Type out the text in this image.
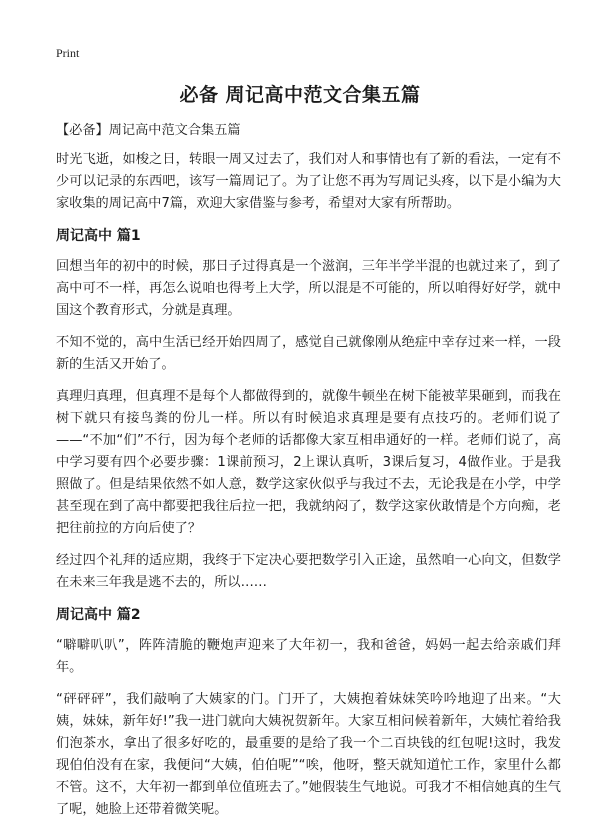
Print
必备 周记高中范文合集五篇

【必备】周记高中范文合集五篇

时光飞逝，如梭之日，转眼一周又过去了，我们对人和事情也有了新的看法，一定有不少可以记录的东西吧，该写一篇周记了。为了让您不再为写周记头疼，以下是小编为大家收集的周记高中7篇，欢迎大家借鉴与参考，希望对大家有所帮助。

周记高中 篇1

回想当年的初中的时候，那日子过得真是一个滋润，三年半学半混的也就过来了，到了高中可不一样，再怎么说咱也得考上大学，所以混是不可能的，所以咱得好好学，就中国这个教育形式，分就是真理。

不知不觉的，高中生活已经开始四周了，感觉自己就像刚从绝症中幸存过来一样，一段新的生活又开始了。

真理归真理，但真理不是每个人都做得到的，就像牛顿坐在树下能被苹果砸到，而我在树下就只有接鸟粪的份儿一样。所以有时候追求真理是要有点技巧的。老师们说了——“不加“们”不行，因为每个老师的话都像大家互相串通好的一样。老师们说了，高中学习要有四个必要步骤：1课前预习，2上课认真听，3课后复习，4做作业。于是我照做了。但是结果依然不如人意，数学这家伙似乎与我过不去，无论我是在小学，中学甚至现在到了高中都要把我往后拉一把，我就纳闷了，数学这家伙敢情是个方向痴，老把往前拉的方向后使了？

经过四个礼拜的适应期，我终于下定决心要把数学引入正途，虽然咱一心向文，但数学在未来三年我是逃不去的，所以……

周记高中 篇2

“噼噼叭叭”，阵阵清脆的鞭炮声迎来了大年初一，我和爸爸，妈妈一起去给亲戚们拜年。

“砰砰砰”，我们敲响了大姨家的门。门开了，大姨抱着妹妹笑吟吟地迎了出来。“大姨，妹妹，新年好!”我一进门就向大姨祝贺新年。大家互相问候着新年，大姨忙着给我们泡茶水，拿出了很多好吃的，最重要的是给了我一个二百块钱的红包呢!这时，我发现伯伯没有在家，我便问“大姨，伯伯呢”“唉，他呀，整天就知道忙工作，家里什么都不管。这不，大年初一都到单位值班去了。”她假装生气地说。可我才不相信她真的生气了呢，她脸上还带着微笑呢。
